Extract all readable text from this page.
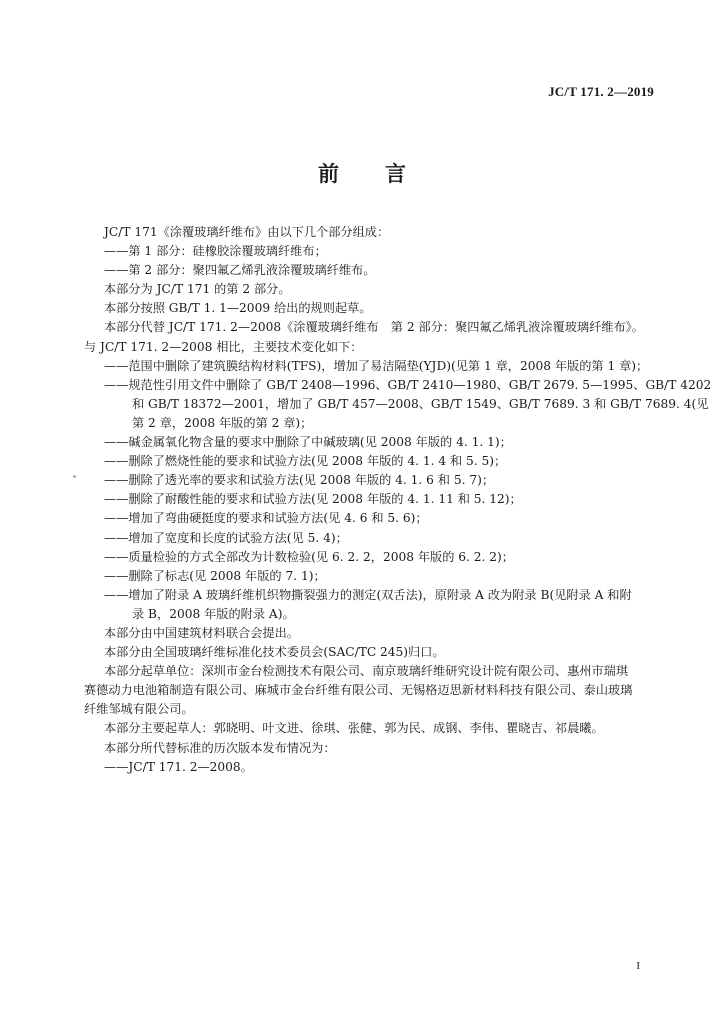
JC/T 171. 2—2019
前 言
ˇ

JC/T 171《涂覆玻璃纤维布》由以下几个部分组成：

——第 1 部分：硅橡胶涂覆玻璃纤维布；

——第 2 部分：聚四氟乙烯乳液涂覆玻璃纤维布。

本部分为 JC/T 171 的第 2 部分。

本部分按照 GB/T 1. 1—2009 给出的规则起草。

本部分代替 JC/T 171. 2—2008《涂覆玻璃纤维布　第 2 部分：聚四氟乙烯乳液涂覆玻璃纤维布》。

与 JC/T 171. 2—2008 相比，主要技术变化如下：

——范围中删除了建筑膜结构材料(TFS)，增加了易洁隔垫(YJD)(见第 1 章，2008 年版的第 1 章)；

——规范性引用文件中删除了 GB/T 2408—1996、GB/T 2410—1980、GB/T 2679. 5—1995、GB/T 4202

和 GB/T 18372—2001，增加了 GB/T 457—2008、GB/T 1549、GB/T 7689. 3 和 GB/T 7689. 4(见

第 2 章，2008 年版的第 2 章)；

——碱金属氧化物含量的要求中删除了中碱玻璃(见 2008 年版的 4. 1. 1)；

——删除了燃烧性能的要求和试验方法(见 2008 年版的 4. 1. 4 和 5. 5)；

——删除了透光率的要求和试验方法(见 2008 年版的 4. 1. 6 和 5. 7)；

——删除了耐酸性能的要求和试验方法(见 2008 年版的 4. 1. 11 和 5. 12)；

——增加了弯曲硬挺度的要求和试验方法(见 4. 6 和 5. 6)；

——增加了宽度和长度的试验方法(见 5. 4)；

——质量检验的方式全部改为计数检验(见 6. 2. 2，2008 年版的 6. 2. 2)；

——删除了标志(见 2008 年版的 7. 1)；

——增加了附录 A 玻璃纤维机织物撕裂强力的测定(双舌法)，原附录 A 改为附录 B(见附录 A 和附

录 B，2008 年版的附录 A)。

本部分由中国建筑材料联合会提出。

本部分由全国玻璃纤维标准化技术委员会(SAC/TC 245)归口。

本部分起草单位：深圳市金台检测技术有限公司、南京玻璃纤维研究设计院有限公司、惠州市瑞琪

赛德动力电池箱制造有限公司、麻城市金台纤维有限公司、无锡格迈思新材料科技有限公司、泰山玻璃

纤维邹城有限公司。

本部分主要起草人：郭晓明、叶文进、徐琪、张健、郭为民、成钢、李伟、瞿晓吉、祁晨曦。

本部分所代替标准的历次版本发布情况为：

——JC/T 171. 2—2008。

I
